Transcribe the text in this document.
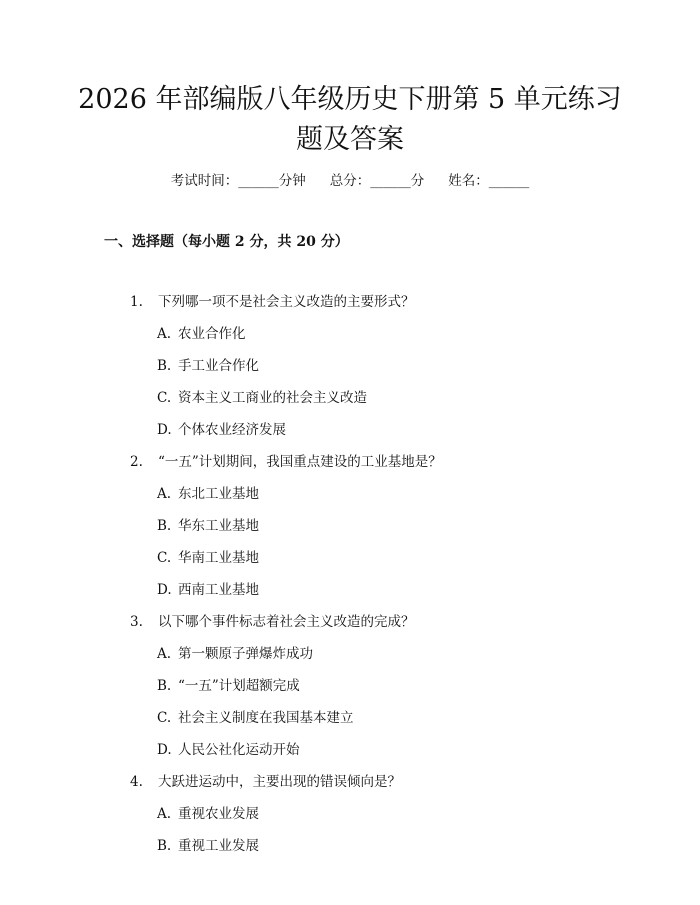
2026 年部编版八年级历史下册第 5 单元练习
题及答案
考试时间：______分钟 总分：______分 姓名：______
一、选择题（每小题 2 分，共 20 分）
1. 下列哪一项不是社会主义改造的主要形式？
A. 农业合作化
B. 手工业合作化
C. 资本主义工商业的社会主义改造
D. 个体农业经济发展
2. “一五”计划期间，我国重点建设的工业基地是？
A. 东北工业基地
B. 华东工业基地
C. 华南工业基地
D. 西南工业基地
3. 以下哪个事件标志着社会主义改造的完成？
A. 第一颗原子弹爆炸成功
B. “一五”计划超额完成
C. 社会主义制度在我国基本建立
D. 人民公社化运动开始
4. 大跃进运动中，主要出现的错误倾向是？
A. 重视农业发展
B. 重视工业发展
